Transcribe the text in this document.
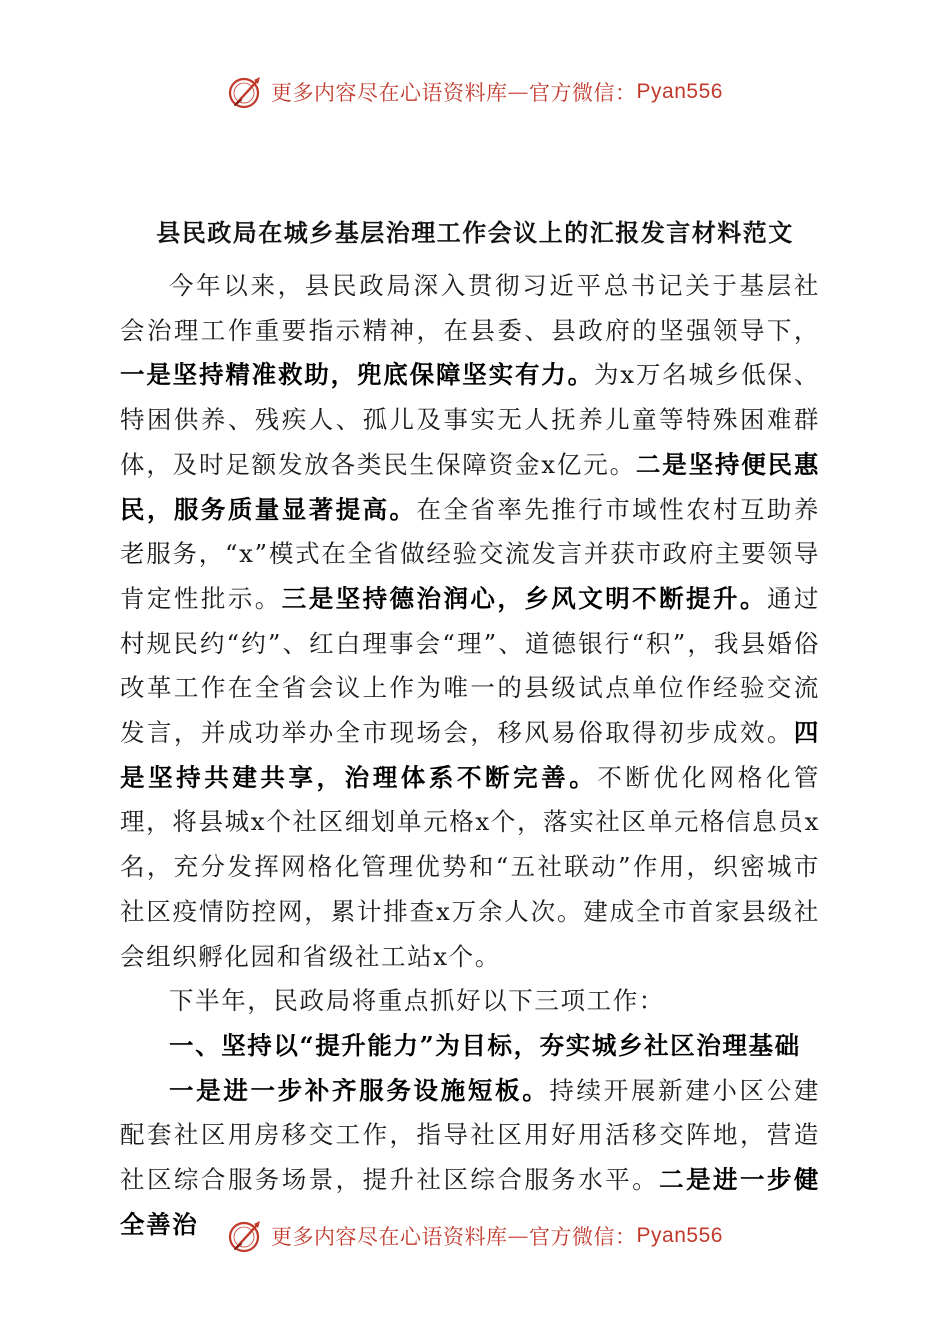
更多内容尽在心语资料库 — 官方微信： Pyan556
县民政局在城乡基层治理工作会议上的汇报发言材料范文

今年以来，县民政局深入贯彻习近平总书记关于基层社会治理工作重要指示精神，在县委、县政府的坚强领导下，一是坚持精准救助，兜底保障坚实有力。为x万名城乡低保、特困供养、残疾人、孤儿及事实无人抚养儿童等特殊困难群体，及时足额发放各类民生保障资金x亿元。二是坚持便民惠民，服务质量显著提高。在全省率先推行市域性农村互助养老服务，“x”模式在全省做经验交流发言并获市政府主要领导肯定性批示。三是坚持德治润心，乡风文明不断提升。通过村规民约“约”、红白理事会“理”、道德银行“积”，我县婚俗改革工作在全省会议上作为唯一的县级试点单位作经验交流发言，并成功举办全市现场会，移风易俗取得初步成效。四是坚持共建共享，治理体系不断完善。不断优化网格化管理，将县城x个社区细划单元格x个，落实社区单元格信息员x名，充分发挥网格化管理优势和“五社联动”作用，织密城市社区疫情防控网，累计排查x万余人次。建成全市首家县级社会组织孵化园和省级社工站x个。

下半年，民政局将重点抓好以下三项工作：

一、坚持以“提升能力”为目标，夯实城乡社区治理基础

一是进一步补齐服务设施短板。持续开展新建小区公建配套社区用房移交工作，指导社区用好用活移交阵地，营造社区综合服务场景，提升社区综合服务水平。二是进一步健全善治	更多内容尽在心语资料库 — 官方微信： Pyan556
